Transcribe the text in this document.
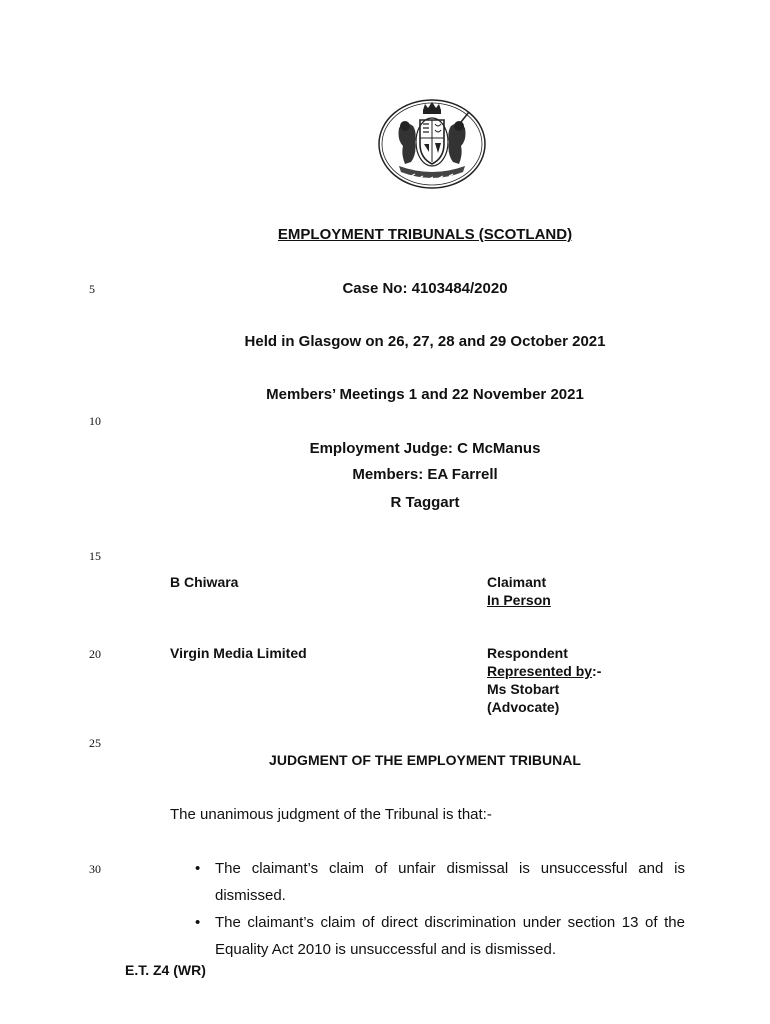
EMPLOYMENT TRIBUNALS (SCOTLAND)
5	Case No: 4103484/2020
Held in Glasgow on 26, 27, 28 and 29 October 2021
Members’ Meetings 1 and 22 November 2021
10
Employment Judge: C McManus
Members: EA Farrell
R Taggart
15
B Chiwara	Claimant
In Person
20	Virgin Media Limited	Respondent
Represented by:-
Ms Stobart
(Advocate)
25
JUDGMENT OF THE EMPLOYMENT TRIBUNAL
The unanimous judgment of the Tribunal is that:-
30	• The claimant’s claim of unfair dismissal is unsuccessful and is dismissed.
• The claimant’s claim of direct discrimination under section 13 of the Equality Act 2010 is unsuccessful and is dismissed.
E.T. Z4 (WR)
